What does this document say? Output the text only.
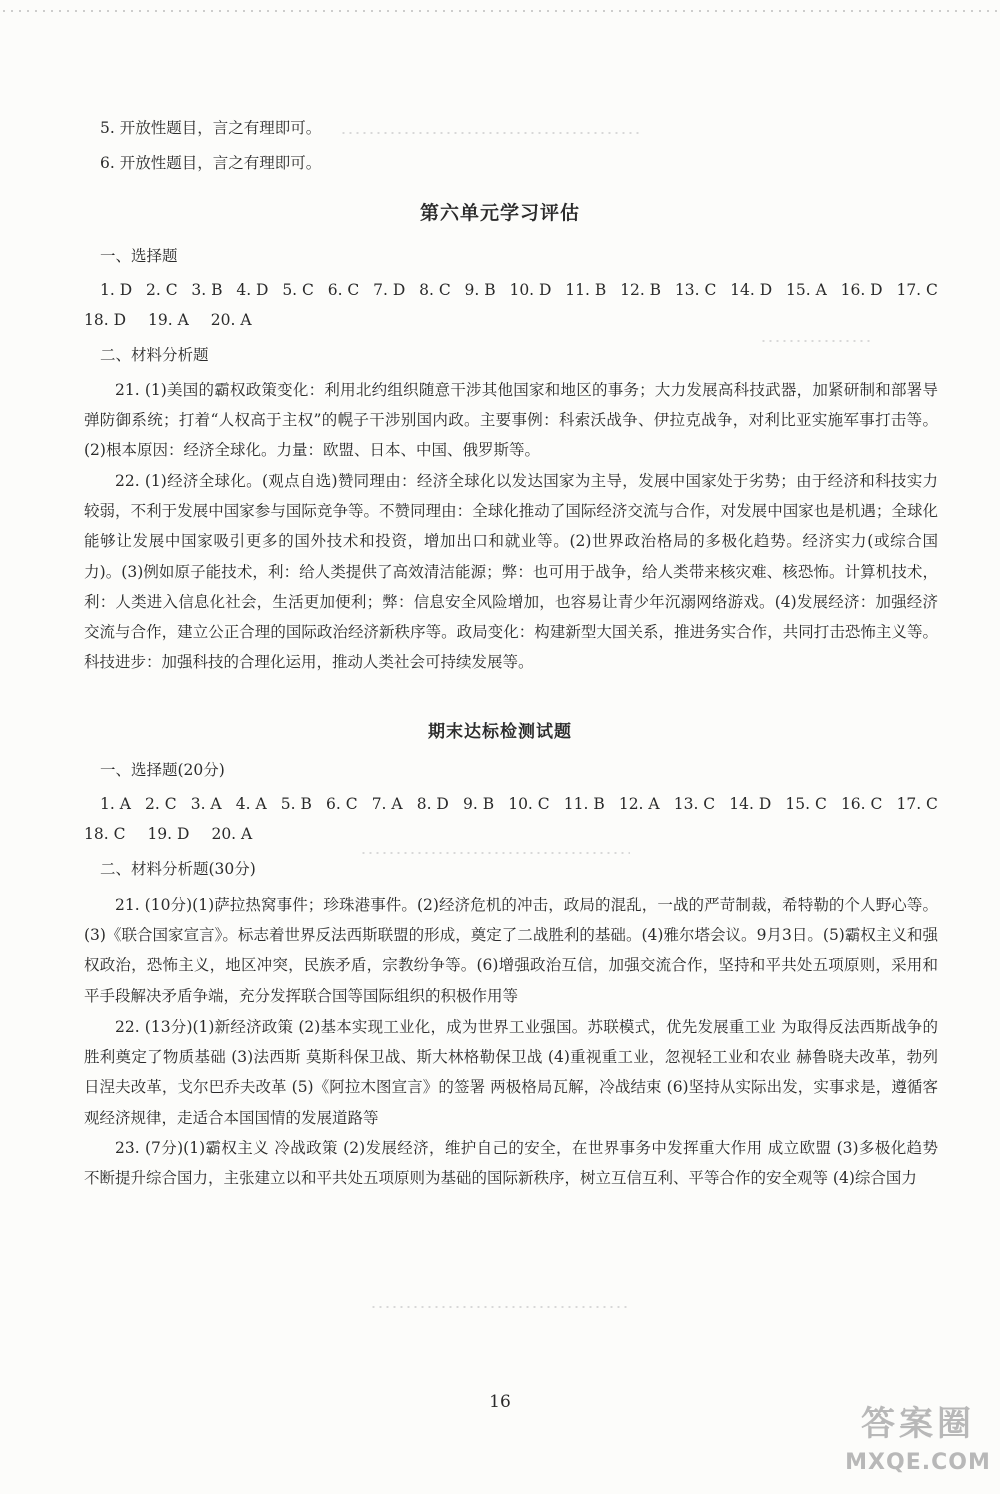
5. 开放性题目，言之有理即可。
6. 开放性题目，言之有理即可。
第六单元学习评估
一、选择题
1. D 2. C 3. B 4. D 5. C 6. C 7. D 8. C 9. B 10. D 11. B 12. B 13. C 14. D 15. A 16. D 17. C
18. D 19. A 20. A
二、材料分析题
21. (1)美国的霸权政策变化：利用北约组织随意干涉其他国家和地区的事务；大力发展高科技武器，加紧研制和部署导弹防御系统；打着“人权高于主权”的幌子干涉别国内政。主要事例：科索沃战争、伊拉克战争，对利比亚实施军事打击等。(2)根本原因：经济全球化。力量：欧盟、日本、中国、俄罗斯等。
22. (1)经济全球化。(观点自选)赞同理由：经济全球化以发达国家为主导，发展中国家处于劣势；由于经济和科技实力较弱，不利于发展中国家参与国际竞争等。不赞同理由：全球化推动了国际经济交流与合作，对发展中国家也是机遇；全球化能够让发展中国家吸引更多的国外技术和投资，增加出口和就业等。(2)世界政治格局的多极化趋势。经济实力(或综合国力)。(3)例如原子能技术，利：给人类提供了高效清洁能源；弊：也可用于战争，给人类带来核灾难、核恐怖。计算机技术，利：人类进入信息化社会，生活更加便利；弊：信息安全风险增加，也容易让青少年沉溺网络游戏。(4)发展经济：加强经济交流与合作，建立公正合理的国际政治经济新秩序等。政局变化：构建新型大国关系，推进务实合作，共同打击恐怖主义等。科技进步：加强科技的合理化运用，推动人类社会可持续发展等。
期末达标检测试题
一、选择题(20分)
1. A 2. C 3. A 4. A 5. B 6. C 7. A 8. D 9. B 10. C 11. B 12. A 13. C 14. D 15. C 16. C 17. C
18. C 19. D 20. A
二、材料分析题(30分)
21. (10分)(1)萨拉热窝事件；珍珠港事件。(2)经济危机的冲击，政局的混乱，一战的严苛制裁，希特勒的个人野心等。(3)《联合国家宣言》。标志着世界反法西斯联盟的形成，奠定了二战胜利的基础。(4)雅尔塔会议。9月3日。(5)霸权主义和强权政治，恐怖主义，地区冲突，民族矛盾，宗教纷争等。(6)增强政治互信，加强交流合作，坚持和平共处五项原则，采用和平手段解决矛盾争端，充分发挥联合国等国际组织的积极作用等
22. (13分)(1)新经济政策 (2)基本实现工业化，成为世界工业强国。苏联模式，优先发展重工业 为取得反法西斯战争的胜利奠定了物质基础 (3)法西斯 莫斯科保卫战、斯大林格勒保卫战 (4)重视重工业，忽视轻工业和农业 赫鲁晓夫改革，勃列日涅夫改革，戈尔巴乔夫改革 (5)《阿拉木图宣言》的签署 两极格局瓦解，冷战结束 (6)坚持从实际出发，实事求是，遵循客观经济规律，走适合本国国情的发展道路等
23. (7分)(1)霸权主义 冷战政策 (2)发展经济，维护自己的安全，在世界事务中发挥重大作用 成立欧盟 (3)多极化趋势 不断提升综合国力，主张建立以和平共处五项原则为基础的国际新秩序，树立互信互利、平等合作的安全观等 (4)综合国力
16
答案圈
MXQE.COM
